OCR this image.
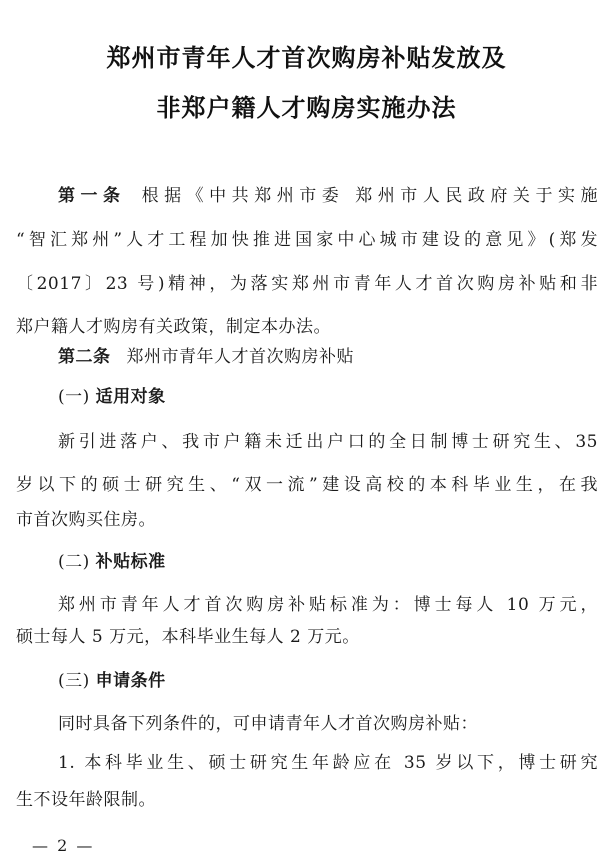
郑州市青年人才首次购房补贴发放及
非郑户籍人才购房实施办法
第一条 根据《中共郑州市委 郑州市人民政府关于实施
“智汇郑州”人才工程加快推进国家中心城市建设的意见》(郑发
〔2017〕23 号)精神，为落实郑州市青年人才首次购房补贴和非
郑户籍人才购房有关政策，制定本办法。
第二条 郑州市青年人才首次购房补贴
(一) 适用对象
新引进落户、我市户籍未迁出户口的全日制博士研究生、35
岁以下的硕士研究生、“双一流”建设高校的本科毕业生，在我
市首次购买住房。
(二) 补贴标准
郑州市青年人才首次购房补贴标准为：博士每人 10 万元，
硕士每人 5 万元，本科毕业生每人 2 万元。
(三) 申请条件
同时具备下列条件的，可申请青年人才首次购房补贴：
1. 本科毕业生、硕士研究生年龄应在 35 岁以下，博士研究
生不设年龄限制。
— 2 —
